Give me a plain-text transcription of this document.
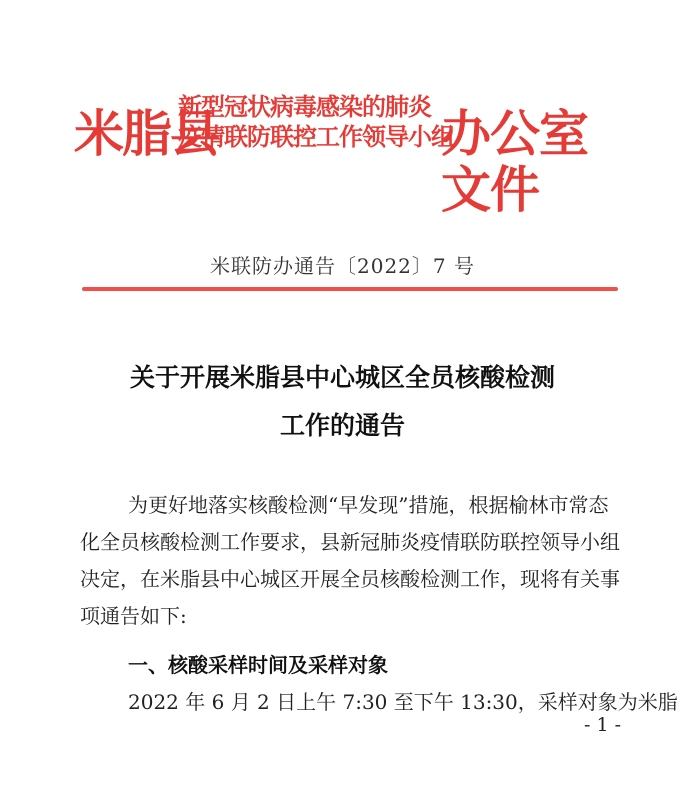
米脂县
新型冠状病毒感染的肺炎
疫情联防联控工作领导小组
办公室文件
米联防办通告〔2022〕7 号
关于开展米脂县中心城区全员核酸检测
工作的通告
为更好地落实核酸检测“早发现”措施，根据榆林市常态
化全员核酸检测工作要求，县新冠肺炎疫情联防联控领导小组
决定，在米脂县中心城区开展全员核酸检测工作，现将有关事
项通告如下:
一、核酸采样时间及采样对象
2022 年 6 月 2 日上午 7:30 至下午 13:30，采样对象为米脂
- 1 -
